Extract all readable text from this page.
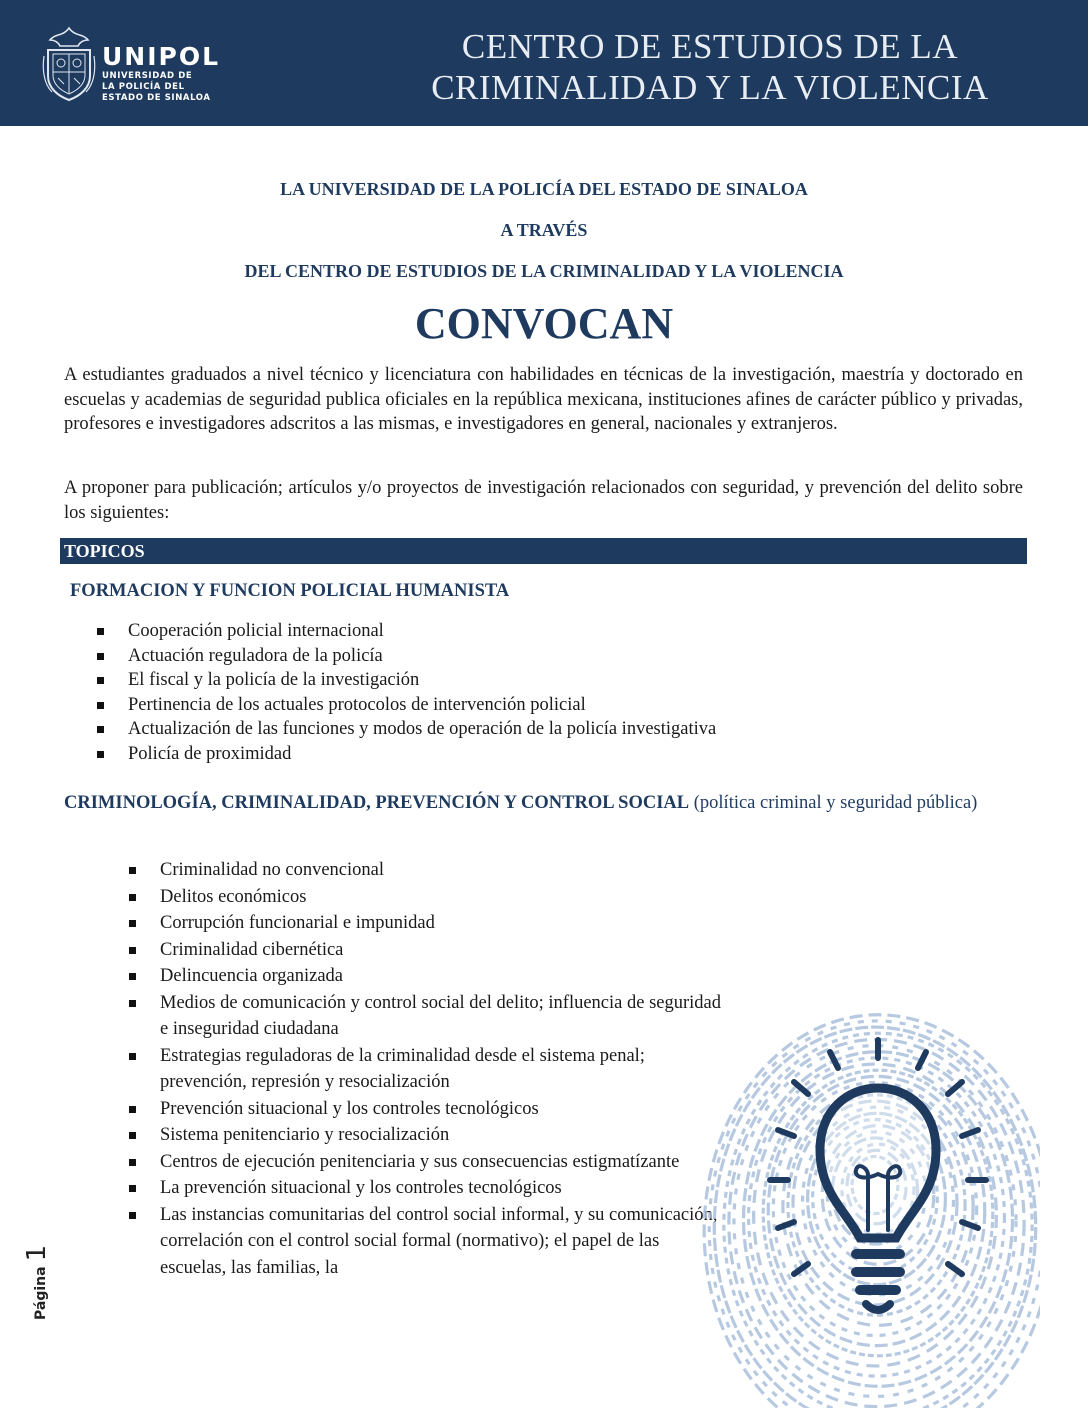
UNIPOL
UNIVERSIDAD DE
LA POLICÍA DEL
ESTADO DE SINALOA
CENTRO DE ESTUDIOS DE LA
CRIMINALIDAD Y LA VIOLENCIA
LA UNIVERSIDAD DE LA POLICÍA DEL ESTADO DE SINALOA
A TRAVÉS
DEL CENTRO DE ESTUDIOS DE LA CRIMINALIDAD Y LA VIOLENCIA
CONVOCAN
A estudiantes graduados a nivel técnico y licenciatura con habilidades en técnicas de la investigación, maestría y doctorado en escuelas y academias de seguridad publica oficiales en la república mexicana, instituciones afines de carácter público y privadas, profesores e investigadores adscritos a las mismas, e investigadores en general, nacionales y extranjeros.
A proponer para publicación; artículos y/o proyectos de investigación relacionados con seguridad, y prevención del delito sobre los siguientes:
TOPICOS
FORMACION Y FUNCION POLICIAL HUMANISTA
Cooperación policial internacional
Actuación reguladora de la policía
El fiscal y la policía de la investigación
Pertinencia de los actuales protocolos de intervención policial
Actualización de las funciones y modos de operación de la policía investigativa
Policía de proximidad
CRIMINOLOGÍA, CRIMINALIDAD, PREVENCIÓN Y CONTROL SOCIAL (política criminal y seguridad pública)
Criminalidad no convencional
Delitos económicos
Corrupción funcionarial e impunidad
Criminalidad cibernética
Delincuencia organizada
Medios de comunicación y control social del delito; influencia de seguridad e inseguridad ciudadana
Estrategias reguladoras de la criminalidad desde el sistema penal; prevención, represión y resocialización
Prevención situacional y los controles tecnológicos
Sistema penitenciario y resocialización
Centros de ejecución penitenciaria y sus consecuencias estigmatízante
La prevención situacional y los controles tecnológicos
Las instancias comunitarias del control social informal, y su comunicación, correlación con el control social formal (normativo); el papel de las escuelas, las familias, la
Página 1
